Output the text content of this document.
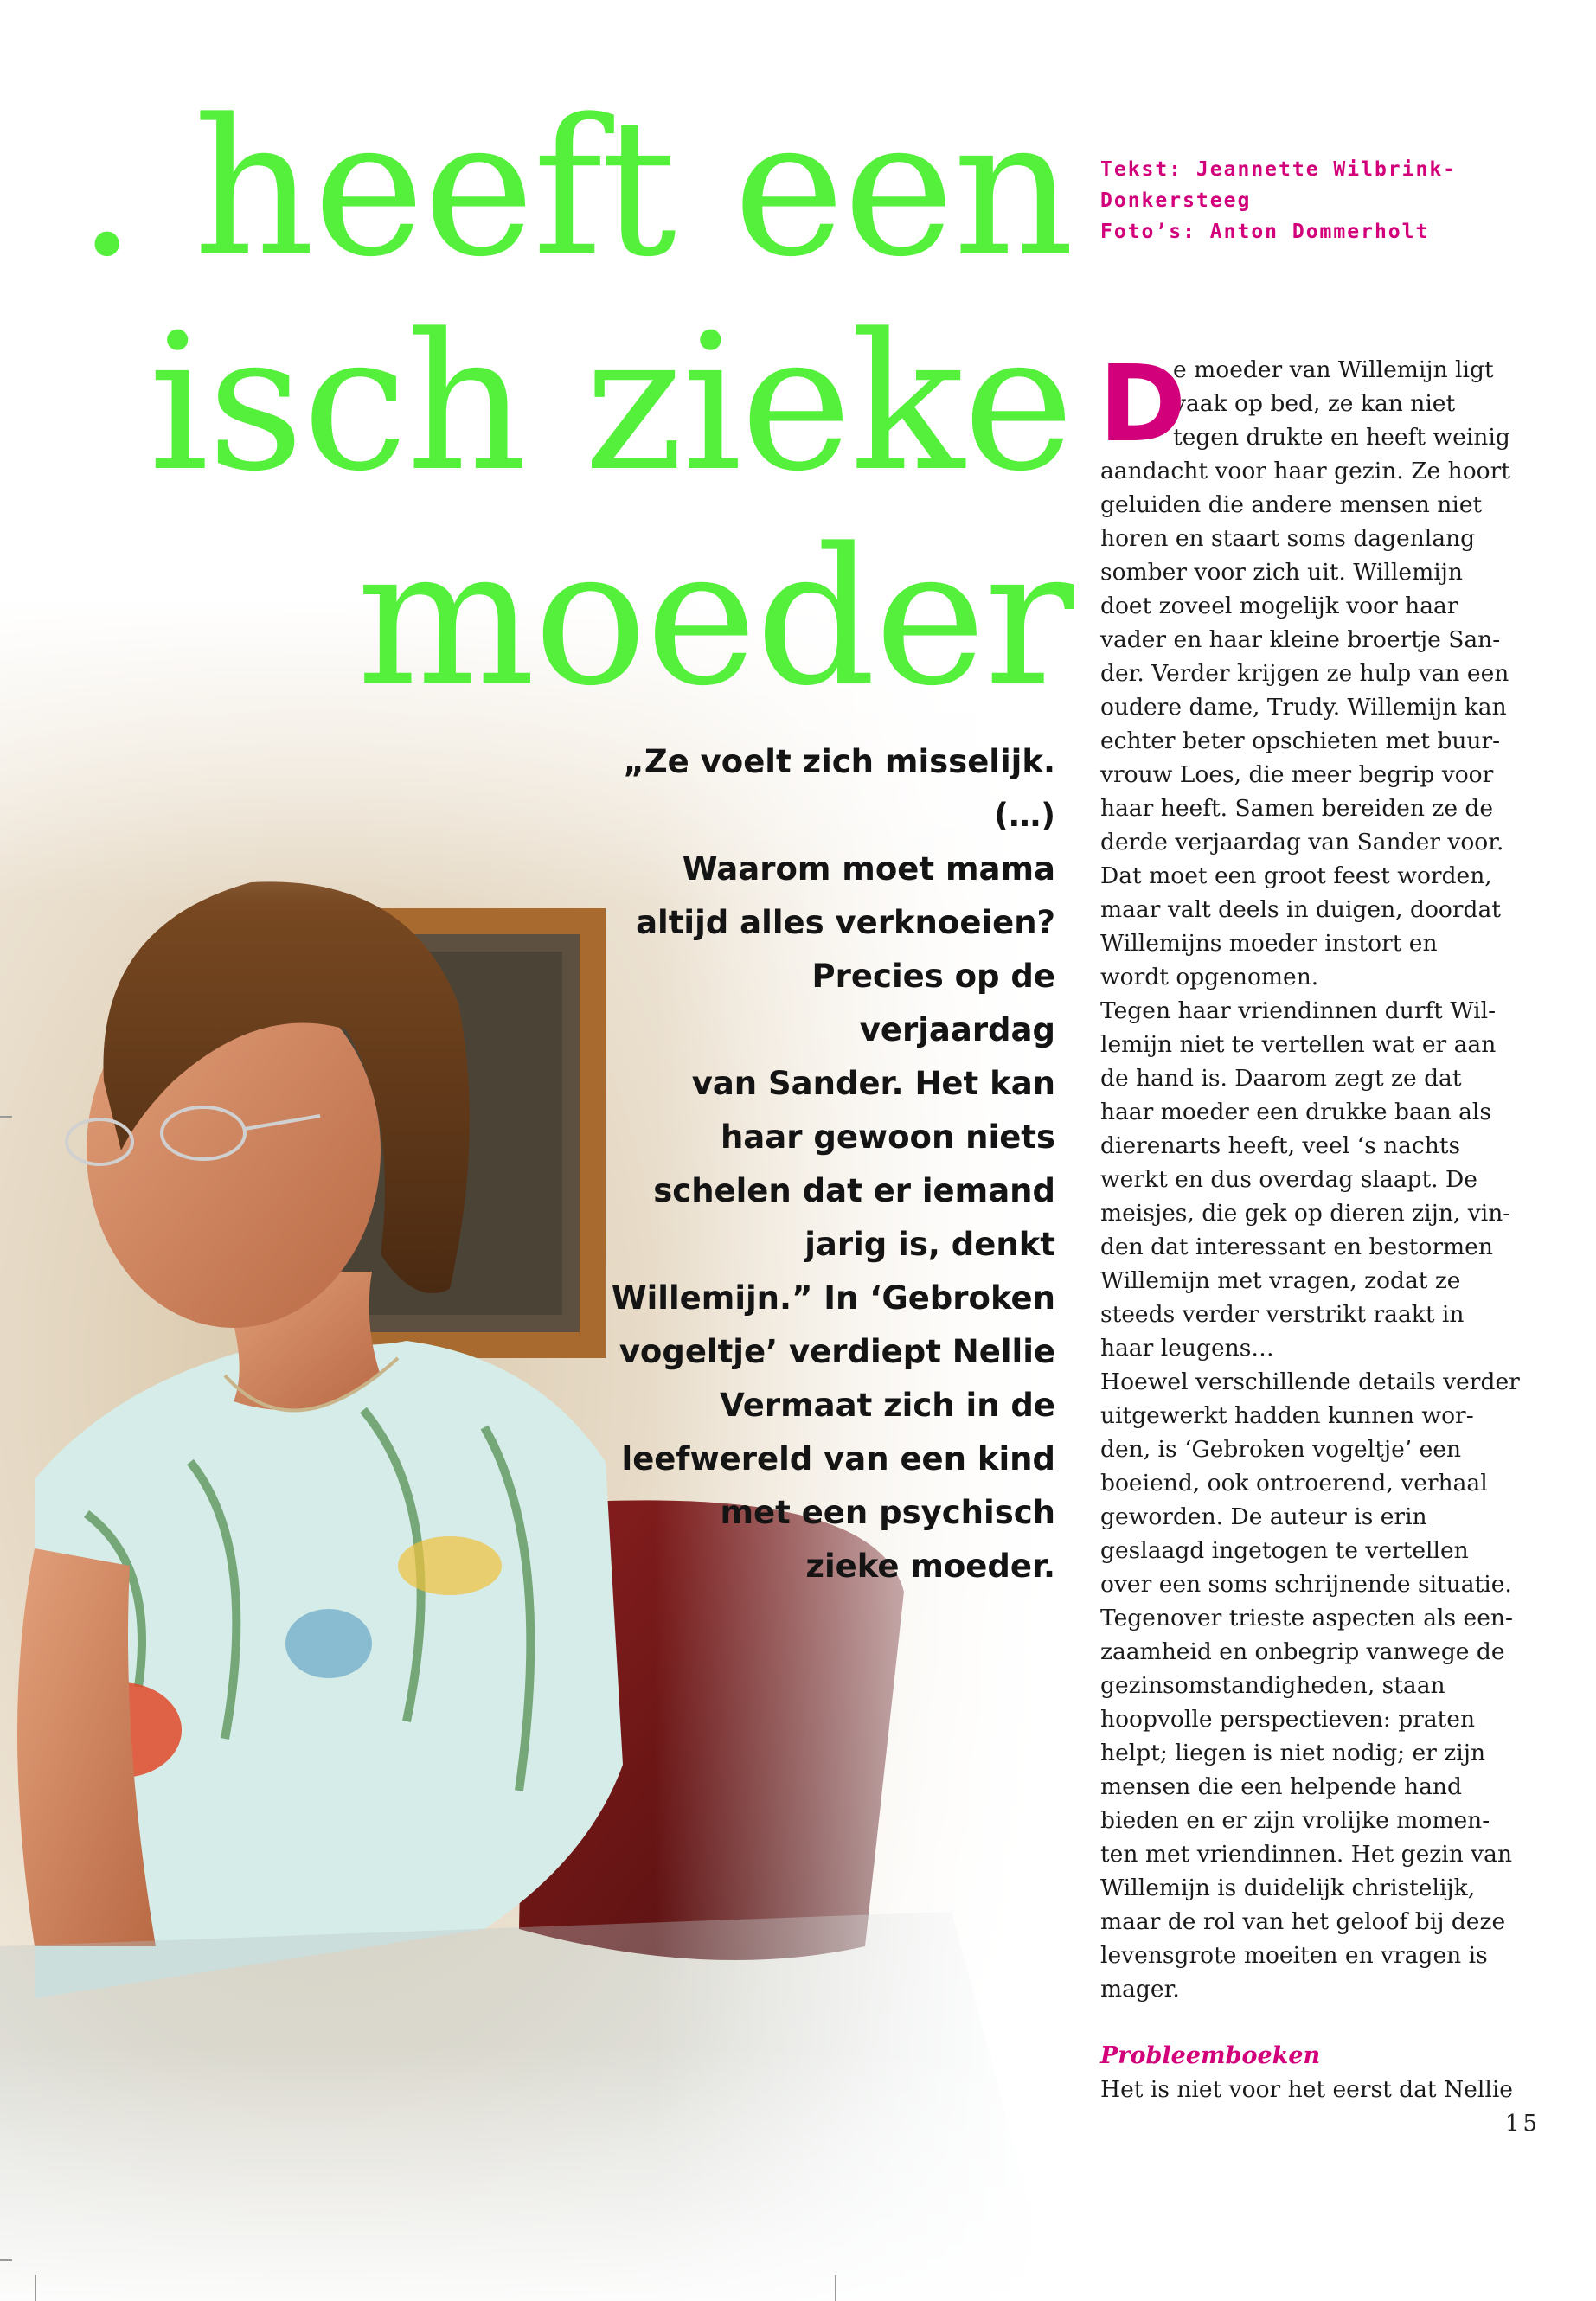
. heeft een
isch zieke
moeder
Tekst: Jeannette Wilbrink-
Donkersteeg
Foto’s: Anton Dommerholt
„Ze voelt zich misselijk. (…)
Waarom moet mama
altijd alles verknoeien?
Precies op de verjaardag
van Sander. Het kan
haar gewoon niets
schelen dat er iemand
jarig is, denkt
Willemijn.” In ‘Gebroken
vogeltje’ verdiept Nellie
Vermaat zich in de
leefwereld van een kind
met een psychisch
zieke moeder.
D
e moeder van Willemijn ligt
vaak op bed, ze kan niet
tegen drukte en heeft weinig
aandacht voor haar gezin. Ze hoort
geluiden die andere mensen niet
horen en staart soms dagenlang
somber voor zich uit. Willemijn
doet zoveel mogelijk voor haar
vader en haar kleine broertje San-
der. Verder krijgen ze hulp van een
oudere dame, Trudy. Willemijn kan
echter beter opschieten met buur-
vrouw Loes, die meer begrip voor
haar heeft. Samen bereiden ze de
derde verjaardag van Sander voor.
Dat moet een groot feest worden,
maar valt deels in duigen, doordat
Willemijns moeder instort en
wordt opgenomen.
Tegen haar vriendinnen durft Wil-
lemijn niet te vertellen wat er aan
de hand is. Daarom zegt ze dat
haar moeder een drukke baan als
dierenarts heeft, veel ‘s nachts
werkt en dus overdag slaapt. De
meisjes, die gek op dieren zijn, vin-
den dat interessant en bestormen
Willemijn met vragen, zodat ze
steeds verder verstrikt raakt in
haar leugens…
Hoewel verschillende details verder
uitgewerkt hadden kunnen wor-
den, is ‘Gebroken vogeltje’ een
boeiend, ook ontroerend, verhaal
geworden. De auteur is erin
geslaagd ingetogen te vertellen
over een soms schrijnende situatie.
Tegenover trieste aspecten als een-
zaamheid en onbegrip vanwege de
gezinsomstandigheden, staan
hoopvolle perspectieven: praten
helpt; liegen is niet nodig; er zijn
mensen die een helpende hand
bieden en er zijn vrolijke momen-
ten met vriendinnen. Het gezin van
Willemijn is duidelijk christelijk,
maar de rol van het geloof bij deze
levensgrote moeiten en vragen is
mager.
Probleemboeken
Het is niet voor het eerst dat Nellie
15
